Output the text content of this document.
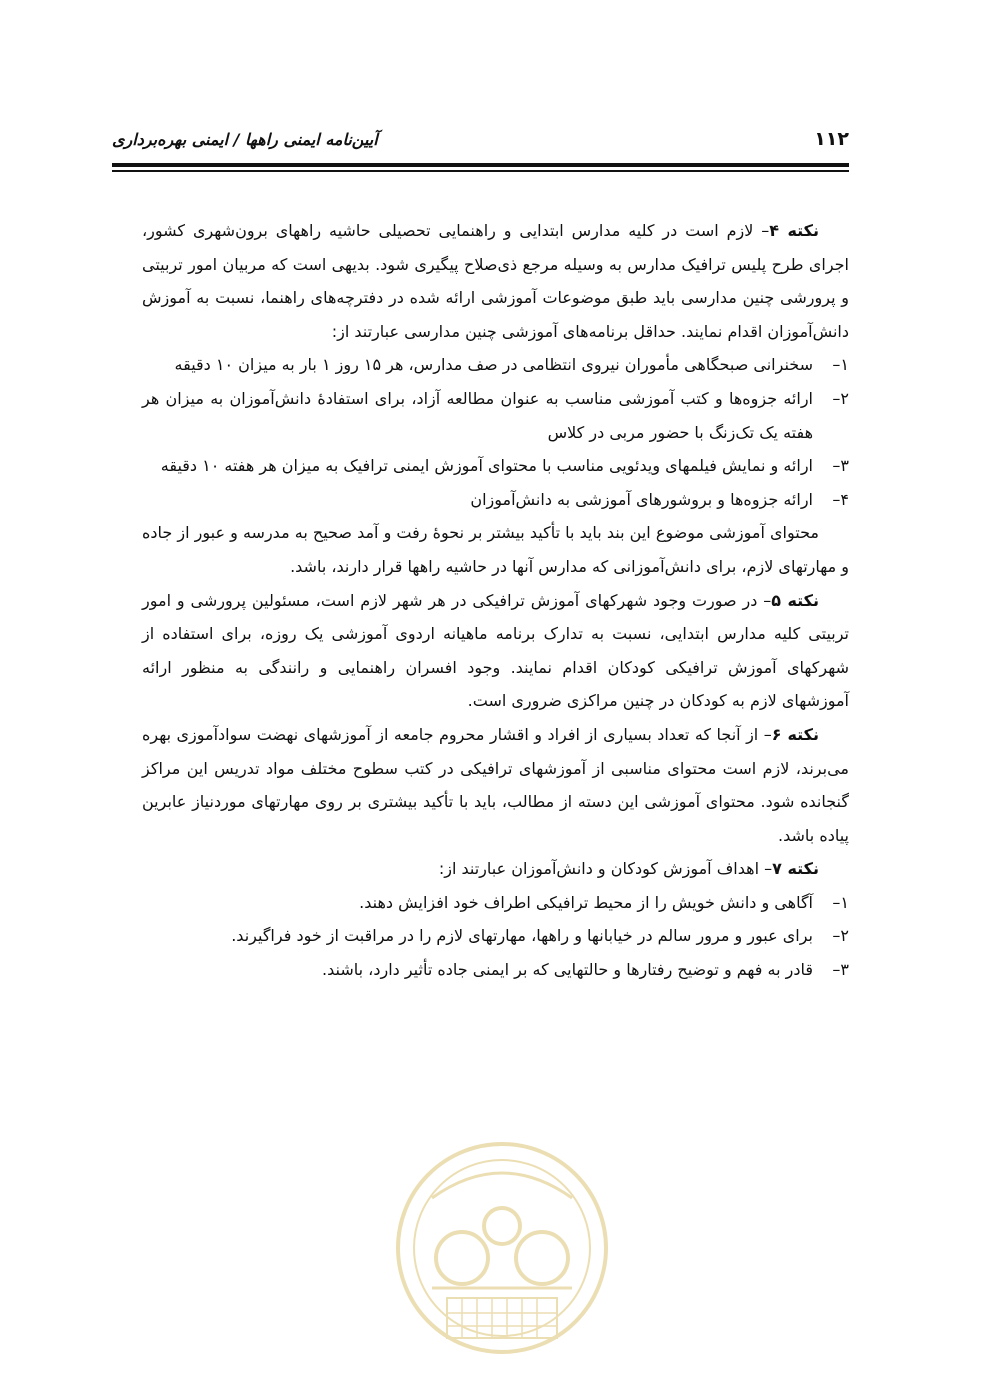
۱۱۲
آیین‌نامه ایمنی راهها / ایمنی بهره‌برداری

نکته ۴– لازم است در کلیه مدارس ابتدایی و راهنمایی تحصیلی حاشیه راههای برون‌شهری کشور، اجرای طرح پلیس ترافیک مدارس به وسیله مرجع ذی‌صلاح پیگیری شود. بدیهی است که مربیان امور تربیتی و پرورشی چنین مدارسی باید طبق موضوعات آموزشی ارائه شده در دفترچه‌های راهنما، نسبت به آموزش دانش‌آموزان اقدام نمایند. حداقل برنامه‌های آموزشی چنین مدارسی عبارتند از:

۱–
سخنرانی صبحگاهی مأموران نیروی انتظامی در صف مدارس، هر ۱۵ روز ۱ بار به میزان ۱۰ دقیقه
۲–
ارائه جزوه‌ها و کتب آموزشی مناسب به عنوان مطالعه آزاد، برای استفادهٔ دانش‌آموزان به میزان هر هفته یک تک‌زنگ با حضور مربی در کلاس
۳–
ارائه و نمایش فیلمهای ویدئویی مناسب با محتوای آموزش ایمنی ترافیک به میزان هر هفته ۱۰ دقیقه
۴–
ارائه جزوه‌ها و بروشورهای آموزشی به دانش‌آموزان

محتوای آموزشی موضوع این بند باید با تأکید بیشتر بر نحوهٔ رفت و آمد صحیح به مدرسه و عبور از جاده و مهارتهای لازم، برای دانش‌آموزانی که مدارس آنها در حاشیه راهها قرار دارند، باشد.

نکته ۵– در صورت وجود شهرکهای آموزش ترافیکی در هر شهر لازم است، مسئولین پرورشی و امور تربیتی کلیه مدارس ابتدایی، نسبت به تدارک برنامه ماهیانه اردوی آموزشی یک روزه، برای استفاده از شهرکهای آموزش ترافیکی کودکان اقدام نمایند. وجود افسران راهنمایی و رانندگی به منظور ارائه آموزشهای لازم به کودکان در چنین مراکزی ضروری است.

نکته ۶– از آنجا که تعداد بسیاری از افراد و اقشار محروم جامعه از آموزشهای نهضت سوادآموزی بهره می‌برند، لازم است محتوای مناسبی از آموزشهای ترافیکی در کتب سطوح مختلف مواد تدریس این مراکز گنجانده شود. محتوای آموزشی این دسته از مطالب، باید با تأکید بیشتری بر روی مهارتهای موردنیاز عابرین پیاده باشد.

نکته ۷– اهداف آموزش کودکان و دانش‌آموزان عبارتند از:

۱–
آگاهی و دانش خویش را از محیط ترافیکی اطراف خود افزایش دهند.
۲–
برای عبور و مرور سالم در خیابانها و راهها، مهارتهای لازم را در مراقبت از خود فراگیرند.
۳–
قادر به فهم و توضیح رفتارها و حالتهایی که بر ایمنی جاده تأثیر دارد، باشند.
